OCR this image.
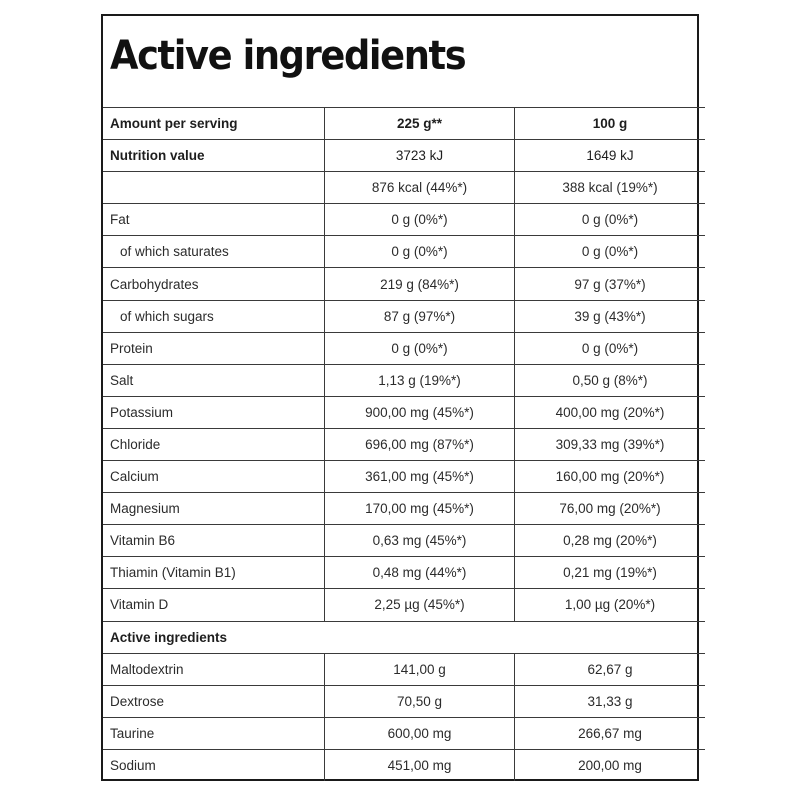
Active ingredients
Amount per serving	225 g**	100 g
Nutrition value	3723 kJ	1649 kJ
	876 kcal (44%*)	388 kcal (19%*)
Fat	0 g (0%*)	0 g (0%*)
of which saturates	0 g (0%*)	0 g (0%*)
Carbohydrates	219 g (84%*)	97 g (37%*)
of which sugars	87 g (97%*)	39 g (43%*)
Protein	0 g (0%*)	0 g (0%*)
Salt	1,13 g (19%*)	0,50 g (8%*)
Potassium	900,00 mg (45%*)	400,00 mg (20%*)
Chloride	696,00 mg (87%*)	309,33 mg (39%*)
Calcium	361,00 mg (45%*)	160,00 mg (20%*)
Magnesium	170,00 mg (45%*)	76,00 mg (20%*)
Vitamin B6	0,63 mg (45%*)	0,28 mg (20%*)
Thiamin (Vitamin B1)	0,48 mg (44%*)	0,21 mg (19%*)
Vitamin D	2,25 µg (45%*)	1,00 µg (20%*)
Active ingredients		
Maltodextrin	141,00 g	62,67 g
Dextrose	70,50 g	31,33 g
Taurine	600,00 mg	266,67 mg
Sodium	451,00 mg	200,00 mg
